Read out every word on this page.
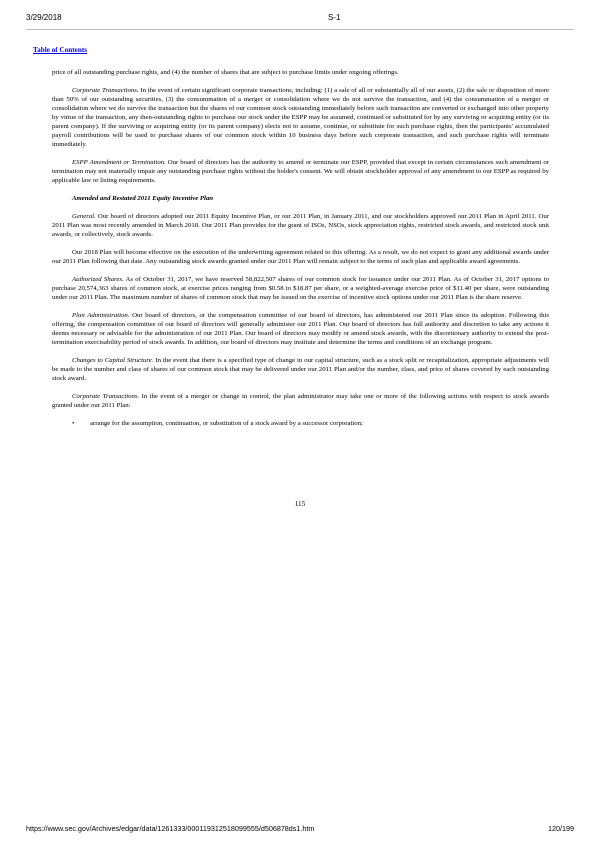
3/29/2018	S-1
Table of Contents

price of all outstanding purchase rights, and (4) the number of shares that are subject to purchase limits under ongoing offerings.

Corporate Transactions. In the event of certain significant corporate transactions, including: (1) a sale of all or substantially all of our assets, (2) the sale or disposition of more than 50% of our outstanding securities, (3) the consummation of a merger or consolidation where we do not survive the transaction, and (4) the consummation of a merger or consolidation where we do survive the transaction but the shares of our common stock outstanding immediately before such transaction are converted or exchanged into other property by virtue of the transaction, any then-outstanding rights to purchase our stock under the ESPP may be assumed, continued or substituted for by any surviving or acquiring entity (or its parent company). If the surviving or acquiring entity (or its parent company) elects not to assume, continue, or substitute for such purchase rights, then the participants' accumulated payroll contributions will be used to purchase shares of our common stock within 10 business days before such corporate transaction, and such purchase rights will terminate immediately.

ESPP Amendment or Termination. Our board of directors has the authority to amend or terminate our ESPP, provided that except in certain circumstances such amendment or termination may not materially impair any outstanding purchase rights without the holder's consent. We will obtain stockholder approval of any amendment to our ESPP as required by applicable law or listing requirements.

Amended and Restated 2011 Equity Incentive Plan

General. Our board of directors adopted our 2011 Equity Incentive Plan, or our 2011 Plan, in January 2011, and our stockholders approved our 2011 Plan in April 2011. Our 2011 Plan was most recently amended in March 2018. Our 2011 Plan provides for the grant of ISOs, NSOs, stock appreciation rights, restricted stock awards, and restricted stock unit awards, or collectively, stock awards.

Our 2018 Plan will become effective on the execution of the underwriting agreement related to this offering. As a result, we do not expect to grant any additional awards under our 2011 Plan following that date. Any outstanding stock awards granted under our 2011 Plan will remain subject to the terms of such plan and applicable award agreements.

Authorized Shares. As of October 31, 2017, we have reserved 58,822,507 shares of our common stock for issuance under our 2011 Plan. As of October 31, 2017 options to purchase 20,574,363 shares of common stock, at exercise prices ranging from $0.58 to $18.87 per share, or a weighted-average exercise price of $11.40 per share, were outstanding under our 2011 Plan. The maximum number of shares of common stock that may be issued on the exercise of incentive stock options under our 2011 Plan is the share reserve.

Plan Administration. Our board of directors, or the compensation committee of our board of directors, has administered our 2011 Plan since its adoption. Following this offering, the compensation committee of our board of directors will generally administer our 2011 Plan. Our board of directors has full authority and discretion to take any actions it deems necessary or advisable for the administration of our 2011 Plan. Our board of directors may modify or amend stock awards, with the discretionary authority to extend the post-termination exercisability period of stock awards. In addition, our board of directors may institute and determine the terms and conditions of an exchange program.

Changes to Capital Structure. In the event that there is a specified type of change in our capital structure, such as a stock split or recapitalization, appropriate adjustments will be made to the number and class of shares of our common stock that may be delivered under our 2011 Plan and/or the number, class, and price of shares covered by each outstanding stock award.

Corporate Transactions. In the event of a merger or change in control, the plan administrator may take one or more of the following actions with respect to stock awards granted under our 2011 Plan:

• arrange for the assumption, continuation, or substitution of a stock award by a successor corporation;
115
https://www.sec.gov/Archives/edgar/data/1261333/000119312518099555/d506878ds1.htm	120/199
